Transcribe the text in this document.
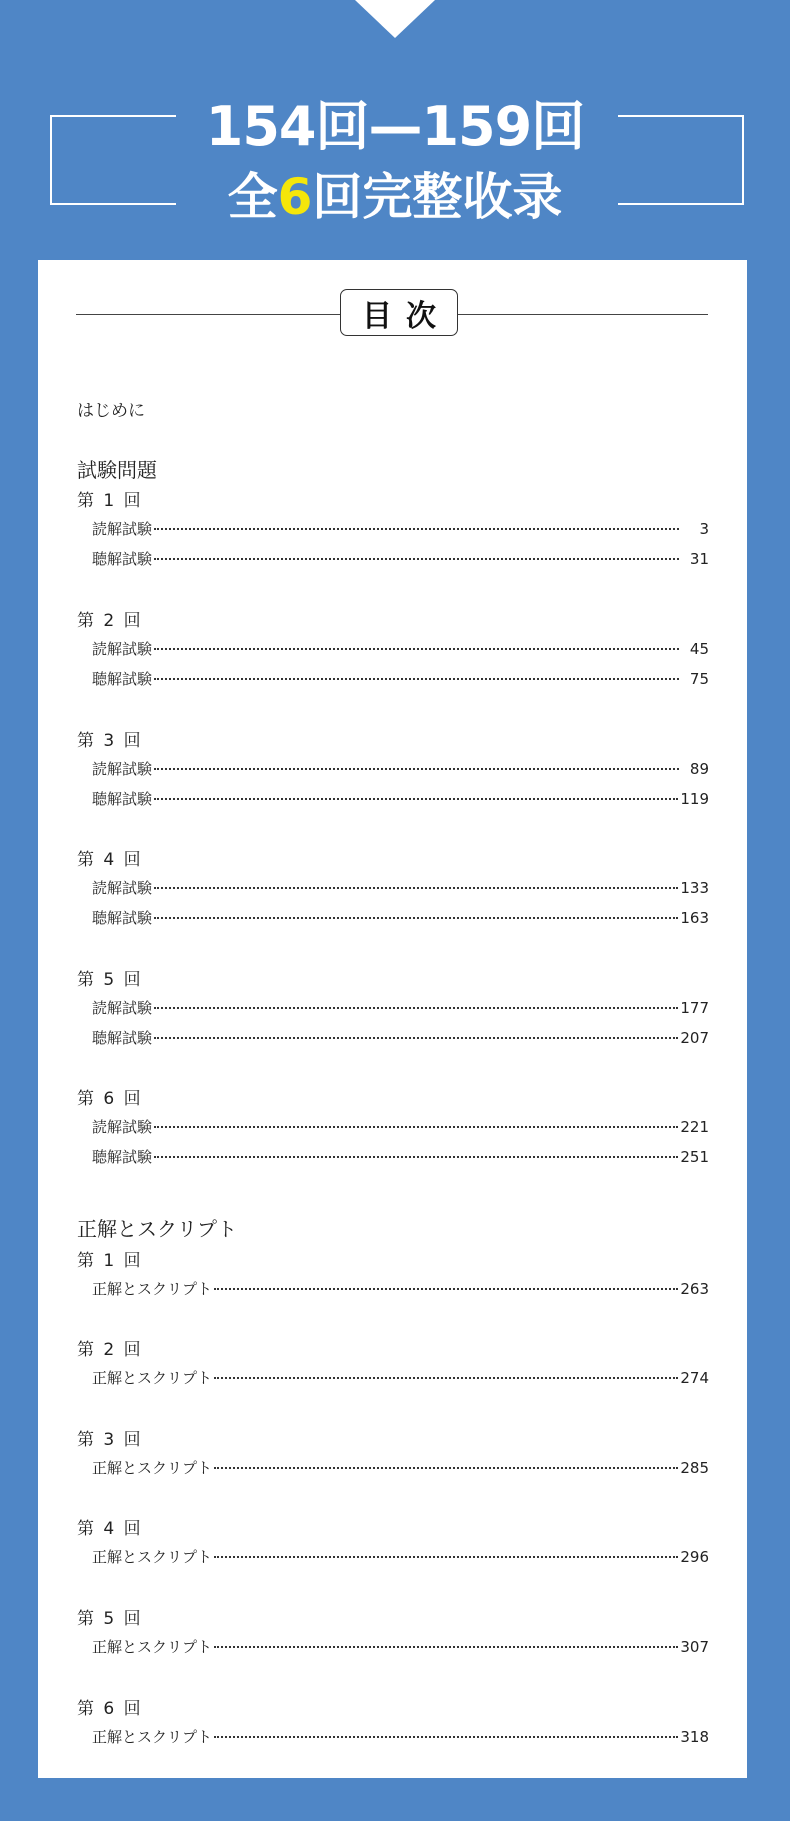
154回—159回
全6回完整收录
目次
はじめに
試験問題
第 1 回
読解試験	3
聴解試験	31
第 2 回
読解試験	45
聴解試験	75
第 3 回
読解試験	89
聴解試験	119
第 4 回
読解試験	133
聴解試験	163
第 5 回
読解試験	177
聴解試験	207
第 6 回
読解試験	221
聴解試験	251
正解とスクリプト
第 1 回
正解とスクリプト	263
第 2 回
正解とスクリプト	274
第 3 回
正解とスクリプト	285
第 4 回
正解とスクリプト	296
第 5 回
正解とスクリプト	307
第 6 回
正解とスクリプト	318
